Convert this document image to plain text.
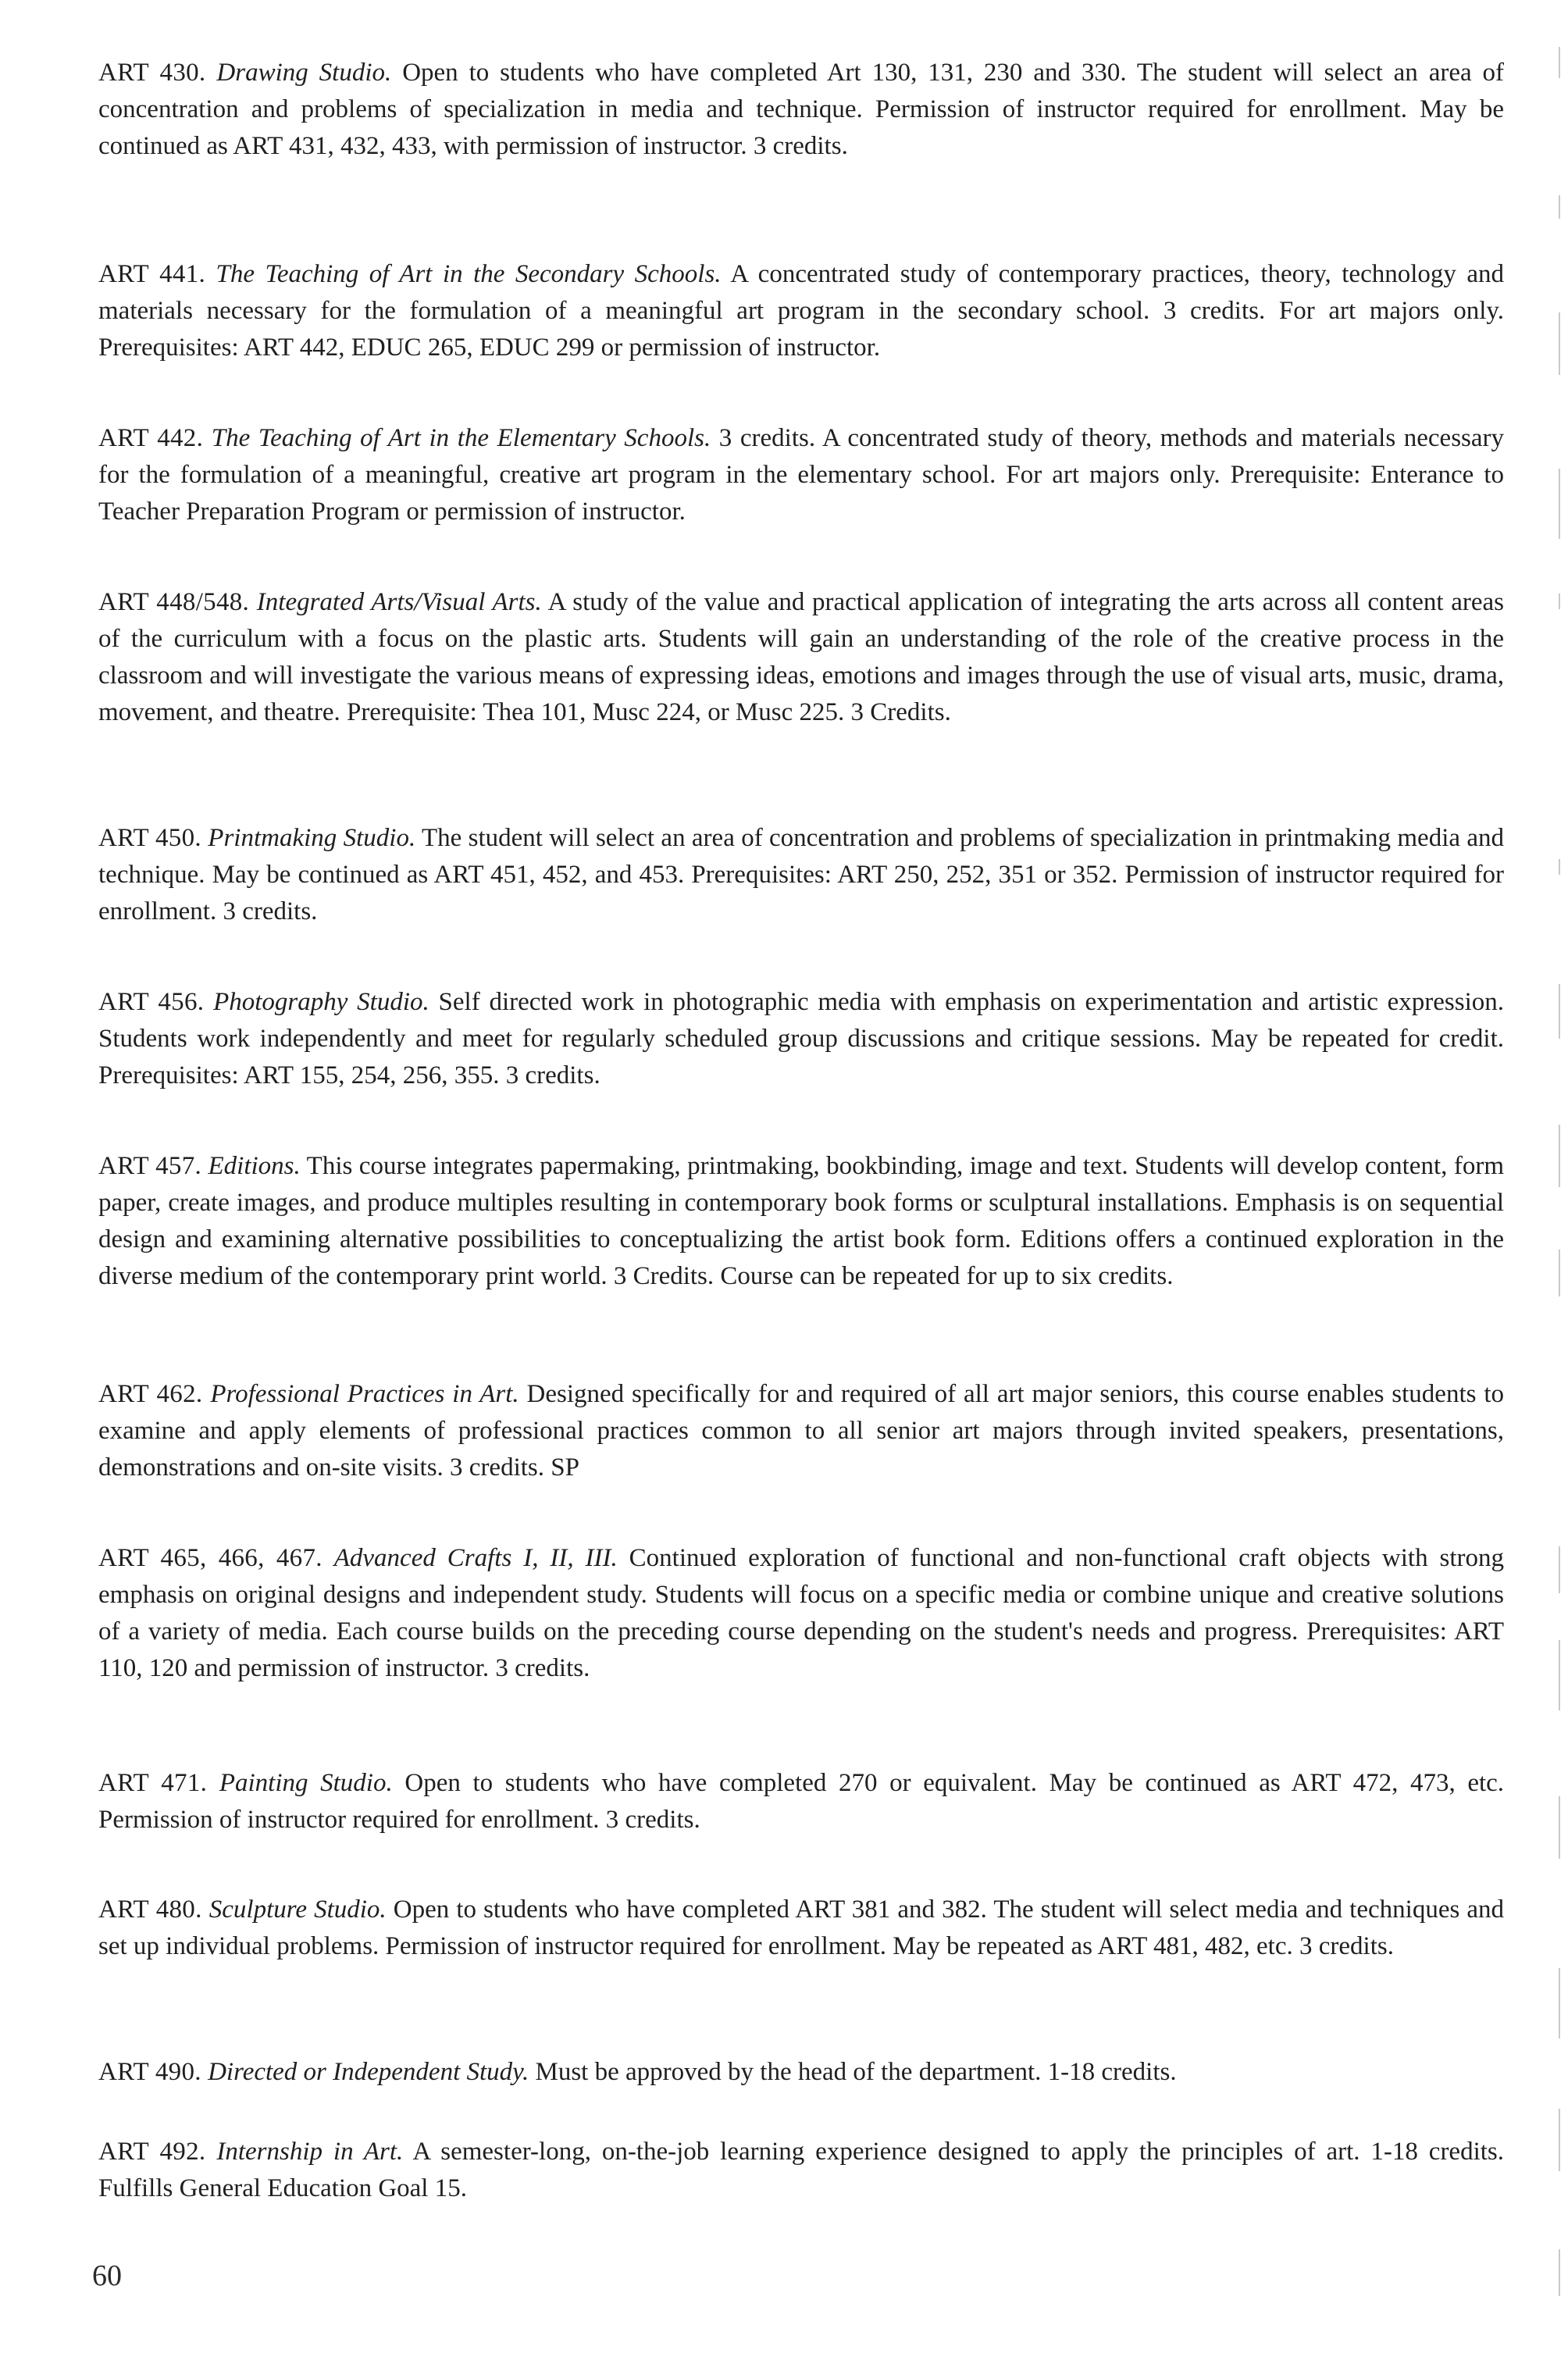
ART 430. Drawing Studio. Open to students who have completed Art 130, 131, 230 and 330. The student will select an area of concentration and problems of specialization in media and technique. Permission of instructor required for enrollment. May be continued as ART 431, 432, 433, with permission of instructor. 3 credits.

ART 441. The Teaching of Art in the Secondary Schools. A concentrated study of contemporary practices, theory, technology and materials necessary for the formulation of a meaningful art program in the secondary school. 3 credits. For art majors only. Prerequisites: ART 442, EDUC 265, EDUC 299 or permission of instructor.

ART 442. The Teaching of Art in the Elementary Schools. 3 credits. A concentrated study of theory, methods and materials necessary for the formulation of a meaningful, creative art program in the elementary school. For art majors only. Prerequisite: Enterance to Teacher Preparation Program or permission of instructor.

ART 448/548. Integrated Arts/Visual Arts. A study of the value and practical application of integrating the arts across all content areas of the curriculum with a focus on the plastic arts. Students will gain an understanding of the role of the creative process in the classroom and will investigate the various means of expressing ideas, emotions and images through the use of visual arts, music, drama, movement, and theatre. Prerequisite: Thea 101, Musc 224, or Musc 225. 3 Credits.

ART 450. Printmaking Studio. The student will select an area of concentration and problems of specialization in printmaking media and technique. May be continued as ART 451, 452, and 453. Prerequisites: ART 250, 252, 351 or 352. Permission of instructor required for enrollment. 3 credits.

ART 456. Photography Studio. Self directed work in photographic media with emphasis on experimentation and artistic expression. Students work independently and meet for regularly scheduled group discussions and critique sessions. May be repeated for credit. Prerequisites: ART 155, 254, 256, 355. 3 credits.

ART 457. Editions. This course integrates papermaking, printmaking, bookbinding, image and text. Students will develop content, form paper, create images, and produce multiples resulting in contemporary book forms or sculptural installations. Emphasis is on sequential design and examining alternative possibilities to conceptualizing the artist book form. Editions offers a continued exploration in the diverse medium of the contemporary print world. 3 Credits. Course can be repeated for up to six credits.

ART 462. Professional Practices in Art. Designed specifically for and required of all art major seniors, this course enables students to examine and apply elements of professional practices common to all senior art majors through invited speakers, presentations, demonstrations and on-site visits. 3 credits. SP

ART 465, 466, 467. Advanced Crafts I, II, III. Continued exploration of functional and non-functional craft objects with strong emphasis on original designs and independent study. Students will focus on a specific media or combine unique and creative solutions of a variety of media. Each course builds on the preceding course depending on the student's needs and progress. Prerequisites: ART 110, 120 and permission of instructor. 3 credits.

ART 471. Painting Studio. Open to students who have completed 270 or equivalent. May be continued as ART 472, 473, etc. Permission of instructor required for enrollment. 3 credits.

ART 480. Sculpture Studio. Open to students who have completed ART 381 and 382. The student will select media and techniques and set up individual problems. Permission of instructor required for enrollment. May be repeated as ART 481, 482, etc. 3 credits.

ART 490. Directed or Independent Study. Must be approved by the head of the department. 1-18 credits.

ART 492. Internship in Art. A semester-long, on-the-job learning experience designed to apply the principles of art. 1-18 credits. Fulfills General Education Goal 15.

60
